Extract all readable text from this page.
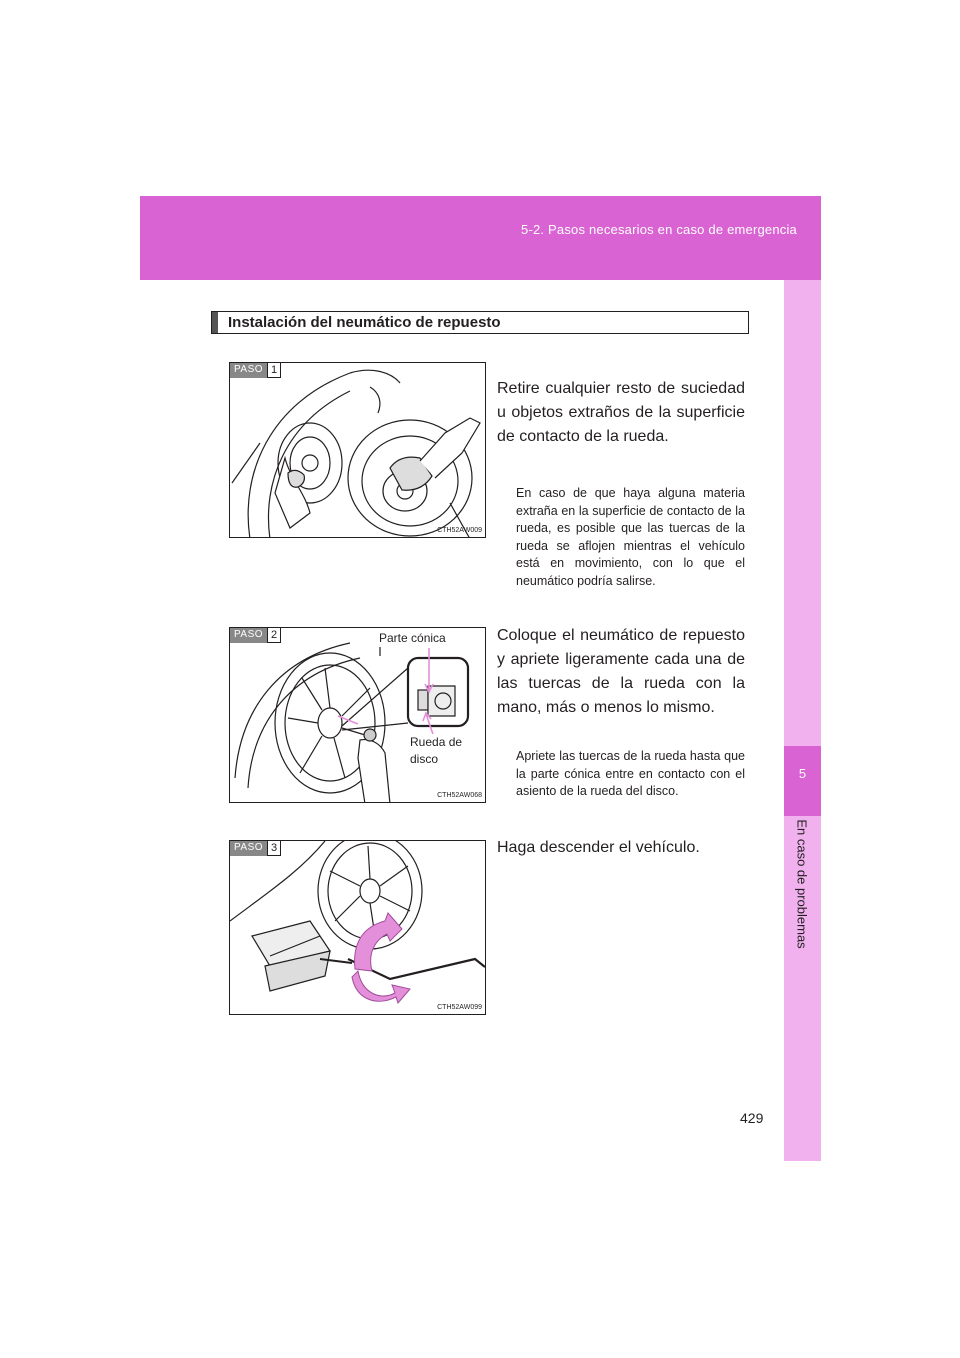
5-2. Pasos necesarios en caso de emergencia
5
En caso de problemas
Instalación del neumático de repuesto
PASO 1
CTH52AW009
Retire cualquier resto de suciedad u objetos extraños de la superficie de contacto de la rueda.
En caso de que haya alguna materia extraña en la superficie de contacto de la rueda, es posible que las tuercas de la rueda se aflojen mientras el vehículo está en movimiento, con lo que el neumático podría salirse.
PASO 2	Parte cónica
Rueda de disco
CTH52AW068
Coloque el neumático de repuesto y apriete ligeramente cada una de las tuercas de la rueda con la mano, más o menos lo mismo.
Apriete las tuercas de la rueda hasta que la parte cónica entre en contacto con el asiento de la rueda del disco.
PASO 3
CTH52AW099
Haga descender el vehículo.
429
